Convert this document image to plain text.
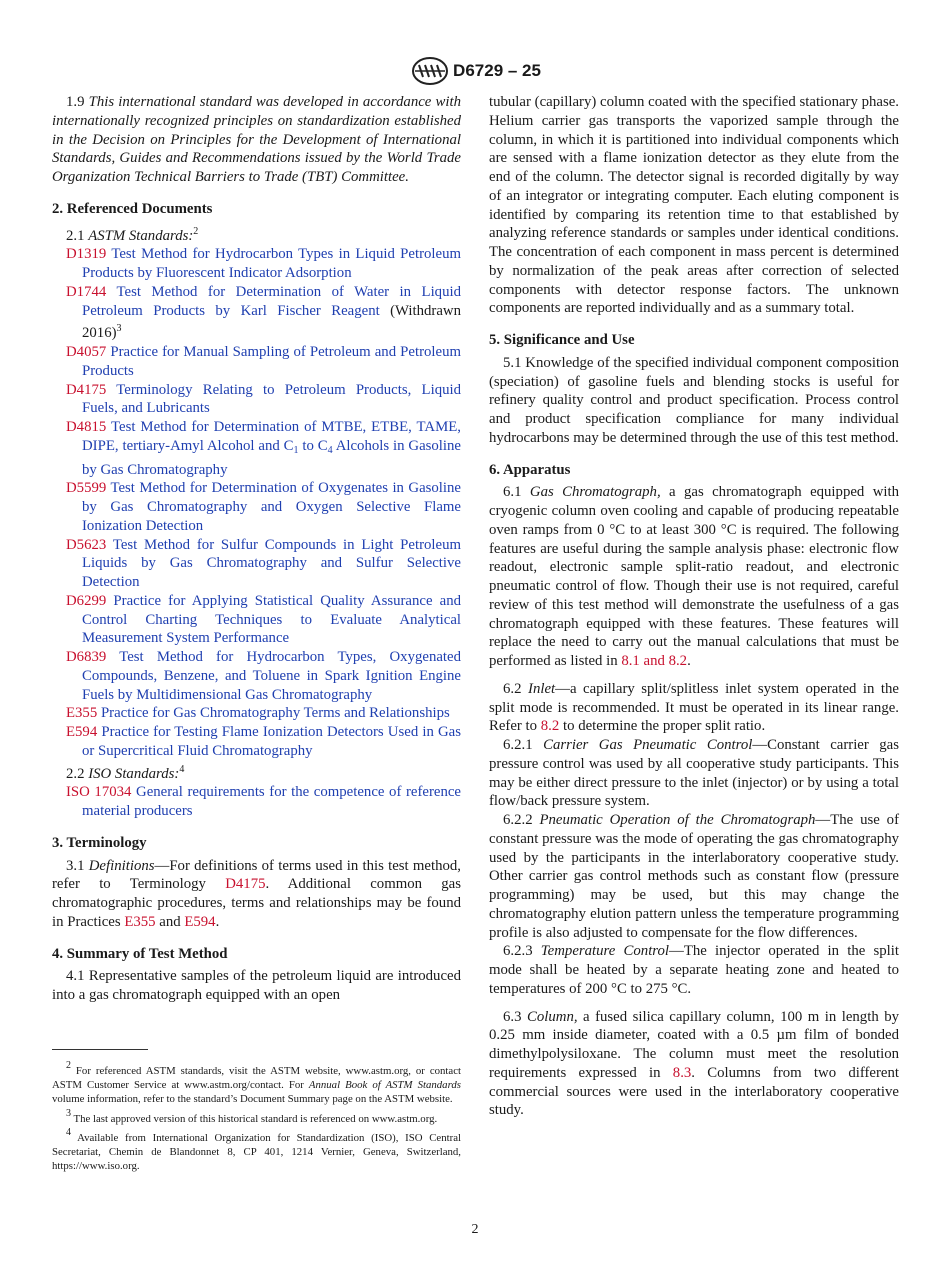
D6729 – 25

1.9 This international standard was developed in accordance with internationally recognized principles on standardization established in the Decision on Principles for the Development of International Standards, Guides and Recommendations issued by the World Trade Organization Technical Barriers to Trade (TBT) Committee.

2. Referenced Documents

2.1 ASTM Standards:$^2$

D1319 Test Method for Hydrocarbon Types in Liquid Petroleum Products by Fluorescent Indicator Adsorption

D1744 Test Method for Determination of Water in Liquid Petroleum Products by Karl Fischer Reagent (Withdrawn 2016)$^3$

D4057 Practice for Manual Sampling of Petroleum and Petroleum Products

D4175 Terminology Relating to Petroleum Products, Liquid Fuels, and Lubricants

D4815 Test Method for Determination of MTBE, ETBE, TAME, DIPE, tertiary-Amyl Alcohol and $C_1$ to $C_4$ Alcohols in Gasoline by Gas Chromatography

D5599 Test Method for Determination of Oxygenates in Gasoline by Gas Chromatography and Oxygen Selective Flame Ionization Detection

D5623 Test Method for Sulfur Compounds in Light Petroleum Liquids by Gas Chromatography and Sulfur Selective Detection

D6299 Practice for Applying Statistical Quality Assurance and Control Charting Techniques to Evaluate Analytical Measurement System Performance

D6839 Test Method for Hydrocarbon Types, Oxygenated Compounds, Benzene, and Toluene in Spark Ignition Engine Fuels by Multidimensional Gas Chromatography

E355 Practice for Gas Chromatography Terms and Relationships

E594 Practice for Testing Flame Ionization Detectors Used in Gas or Supercritical Fluid Chromatography

2.2 ISO Standards:$^4$

ISO 17034 General requirements for the competence of reference material producers

3. Terminology

3.1 Definitions—For definitions of terms used in this test method, refer to Terminology D4175. Additional common gas chromatographic procedures, terms and relationships may be found in Practices E355 and E594.

4. Summary of Test Method

4.1 Representative samples of the petroleum liquid are introduced into a gas chromatograph equipped with an open

tubular (capillary) column coated with the specified stationary phase. Helium carrier gas transports the vaporized sample through the column, in which it is partitioned into individual components which are sensed with a flame ionization detector as they elute from the end of the column. The detector signal is recorded digitally by way of an integrator or integrating computer. Each eluting component is identified by comparing its retention time to that established by analyzing reference standards or samples under identical conditions. The concentration of each component in mass percent is determined by normalization of the peak areas after correction of selected components with detector response factors. The unknown components are reported individually and as a summary total.

5. Significance and Use

5.1 Knowledge of the specified individual component composition (speciation) of gasoline fuels and blending stocks is useful for refinery quality control and product specification. Process control and product specification compliance for many individual hydrocarbons may be determined through the use of this test method.

6. Apparatus

6.1 Gas Chromatograph, a gas chromatograph equipped with cryogenic column oven cooling and capable of producing repeatable oven ramps from 0 °C to at least 300 °C is required. The following features are useful during the sample analysis phase: electronic flow readout, electronic sample split-ratio readout, and electronic pneumatic control of flow. Though their use is not required, careful review of this test method will demonstrate the usefulness of a gas chromatograph equipped with these features. These features will replace the need to carry out the manual calculations that must be performed as listed in 8.1 and 8.2.

6.2 Inlet—a capillary split/splitless inlet system operated in the split mode is recommended. It must be operated in its linear range. Refer to 8.2 to determine the proper split ratio.

6.2.1 Carrier Gas Pneumatic Control—Constant carrier gas pressure control was used by all cooperative study participants. This may be either direct pressure to the inlet (injector) or by using a total flow/back pressure system.

6.2.2 Pneumatic Operation of the Chromatograph—The use of constant pressure was the mode of operating the gas chromatography used by the participants in the interlaboratory cooperative study. Other carrier gas control methods such as constant flow (pressure programming) may be used, but this may change the chromatography elution pattern unless the temperature programming profile is also adjusted to compensate for the flow differences.

6.2.3 Temperature Control—The injector operated in the split mode shall be heated by a separate heating zone and heated to temperatures of 200 °C to 275 °C.

6.3 Column, a fused silica capillary column, 100 m in length by 0.25 mm inside diameter, coated with a 0.5 µm film of bonded dimethylpolysiloxane. The column must meet the resolution requirements expressed in 8.3. Columns from two different commercial sources were used in the interlaboratory cooperative study.

2 For referenced ASTM standards, visit the ASTM website, www.astm.org, or contact ASTM Customer Service at www.astm.org/contact. For Annual Book of ASTM Standards volume information, refer to the standard’s Document Summary page on the ASTM website.

3 The last approved version of this historical standard is referenced on www.astm.org.

4 Available from International Organization for Standardization (ISO), ISO Central Secretariat, Chemin de Blandonnet 8, CP 401, 1214 Vernier, Geneva, Switzerland, https://www.iso.org.

2
